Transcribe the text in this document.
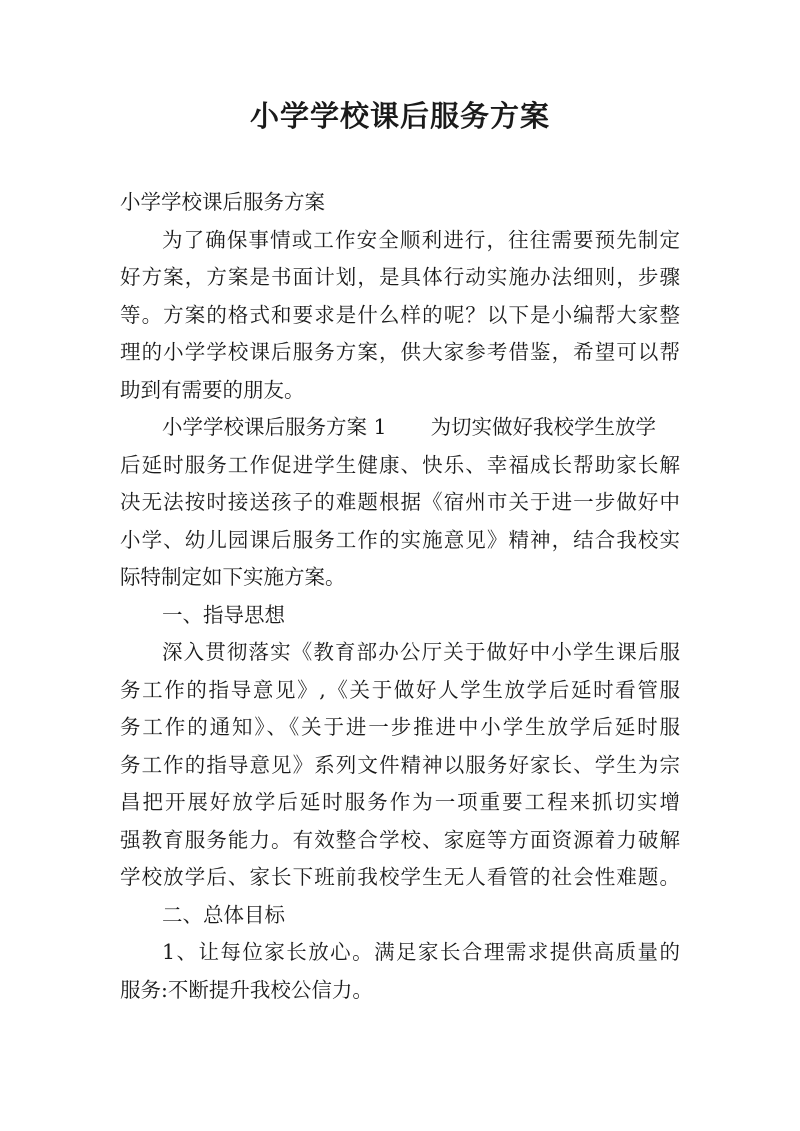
小学学校课后服务方案

小学学校课后服务方案

为了确保事情或工作安全顺利进行，往往需要预先制定

好方案，方案是书面计划，是具体行动实施办法细则，步骤

等。方案的格式和要求是什么样的呢？以下是小编帮大家整

理的小学学校课后服务方案，供大家参考借鉴，希望可以帮

助到有需要的朋友。

小学学校课后服务方案 1 为切实做好我校学生放学

后延时服务工作促进学生健康、快乐、幸福成长帮助家长解

决无法按时接送孩子的难题根据《宿州市关于进一步做好中

小学、幼儿园课后服务工作的实施意见》精神，结合我校实

际特制定如下实施方案。

一、指导思想

深入贯彻落实《教育部办公厅关于做好中小学生课后服

务工作的指导意见》,《关于做好人学生放学后延时看管服

务工作的通知》、《关于进一步推进中小学生放学后延时服

务工作的指导意见》系列文件精神以服务好家长、学生为宗

昌把开展好放学后延时服务作为一项重要工程来抓切实增

强教育服务能力。有效整合学校、家庭等方面资源着力破解

学校放学后、家长下班前我校学生无人看管的社会性难题。

二、总体目标

1、让每位家长放心。满足家长合理需求提供高质量的

服务:不断提升我校公信力。
